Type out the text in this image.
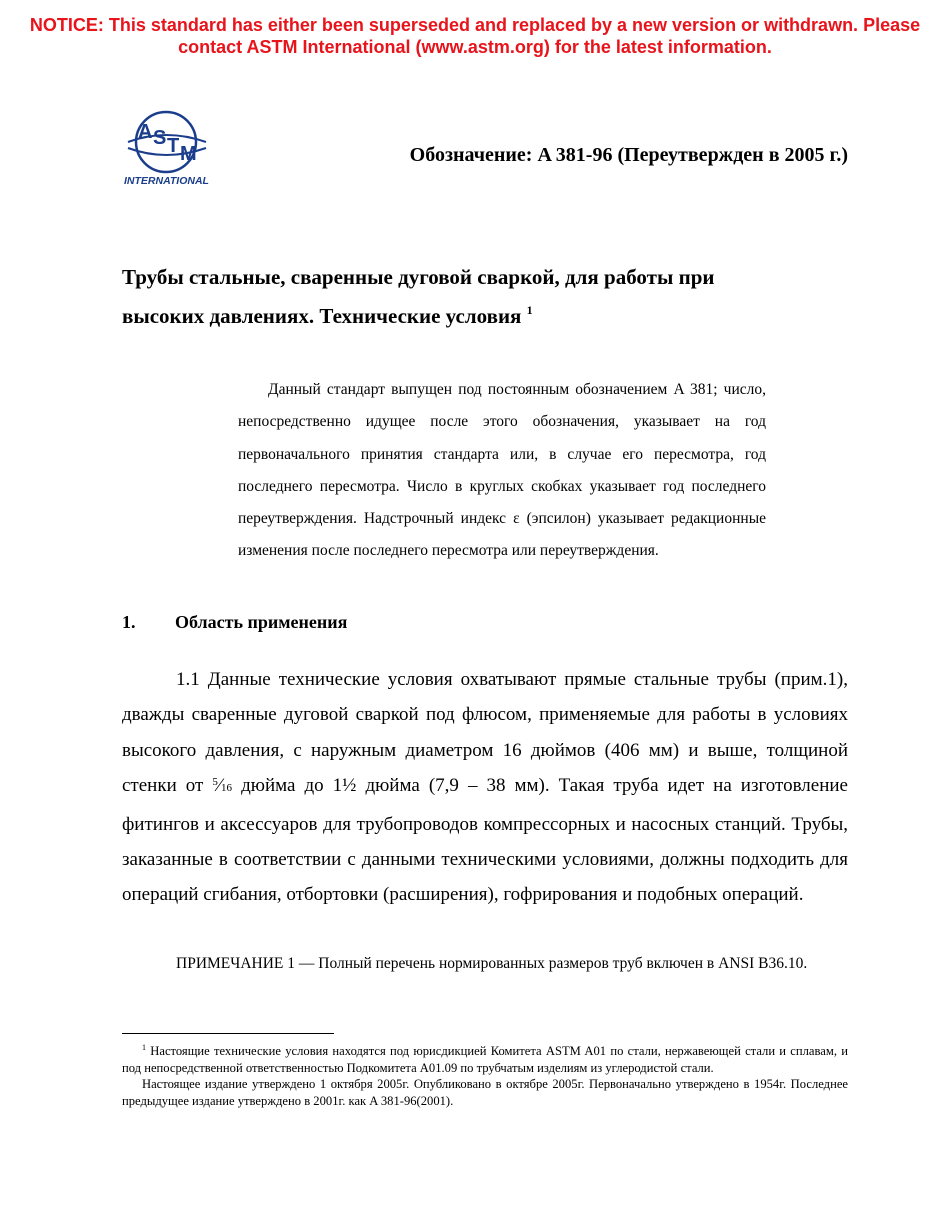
NOTICE: This standard has either been superseded and replaced by a new version or withdrawn. Please
contact ASTM International (www.astm.org) for the latest information.
A S T M
INTERNATIONAL
Обозначение: A 381-96 (Переутвержден в 2005 г.)
Трубы стальные, сваренные дуговой сваркой, для работы при
высоких давлениях. Технические условия $^1$
Данный стандарт выпущен под постоянным обозначением A 381; число, непосредственно идущее после этого обозначения, указывает на год первоначального принятия стандарта или, в случае его пересмотра, год последнего пересмотра. Число в круглых скобках указывает год последнего переутверждения. Надстрочный индекс ε (эпсилон) указывает редакционные изменения после последнего пересмотра или переутверждения.
1. Область применения
1.1 Данные технические условия охватывают прямые стальные трубы (прим.1), дважды сваренные дуговой сваркой под флюсом, применяемые для работы в условиях высокого давления, с наружным диаметром 16 дюймов (406 мм) и выше, толщиной стенки от $^5$⁄16 дюйма до 1½ дюйма (7,9 – 38 мм). Такая труба идет на изготовление фитингов и аксессуаров для трубопроводов компрессорных и насосных станций. Трубы, заказанные в соответствии с данными техническими условиями, должны подходить для операций сгибания, отбортовки (расширения), гофрирования и подобных операций.
ПРИМЕЧАНИЕ 1 — Полный перечень нормированных размеров труб включен в ANSI B36.10.

$^1$ Настоящие технические условия находятся под юрисдикцией Комитета ASTM A01 по стали, нержавеющей стали и сплавам, и под непосредственной ответственностью Подкомитета A01.09 по трубчатым изделиям из углеродистой стали.

Настоящее издание утверждено 1 октября 2005г. Опубликовано в октябре 2005г. Первоначально утверждено в 1954г. Последнее предыдущее издание утверждено в 2001г. как A 381-96(2001).
